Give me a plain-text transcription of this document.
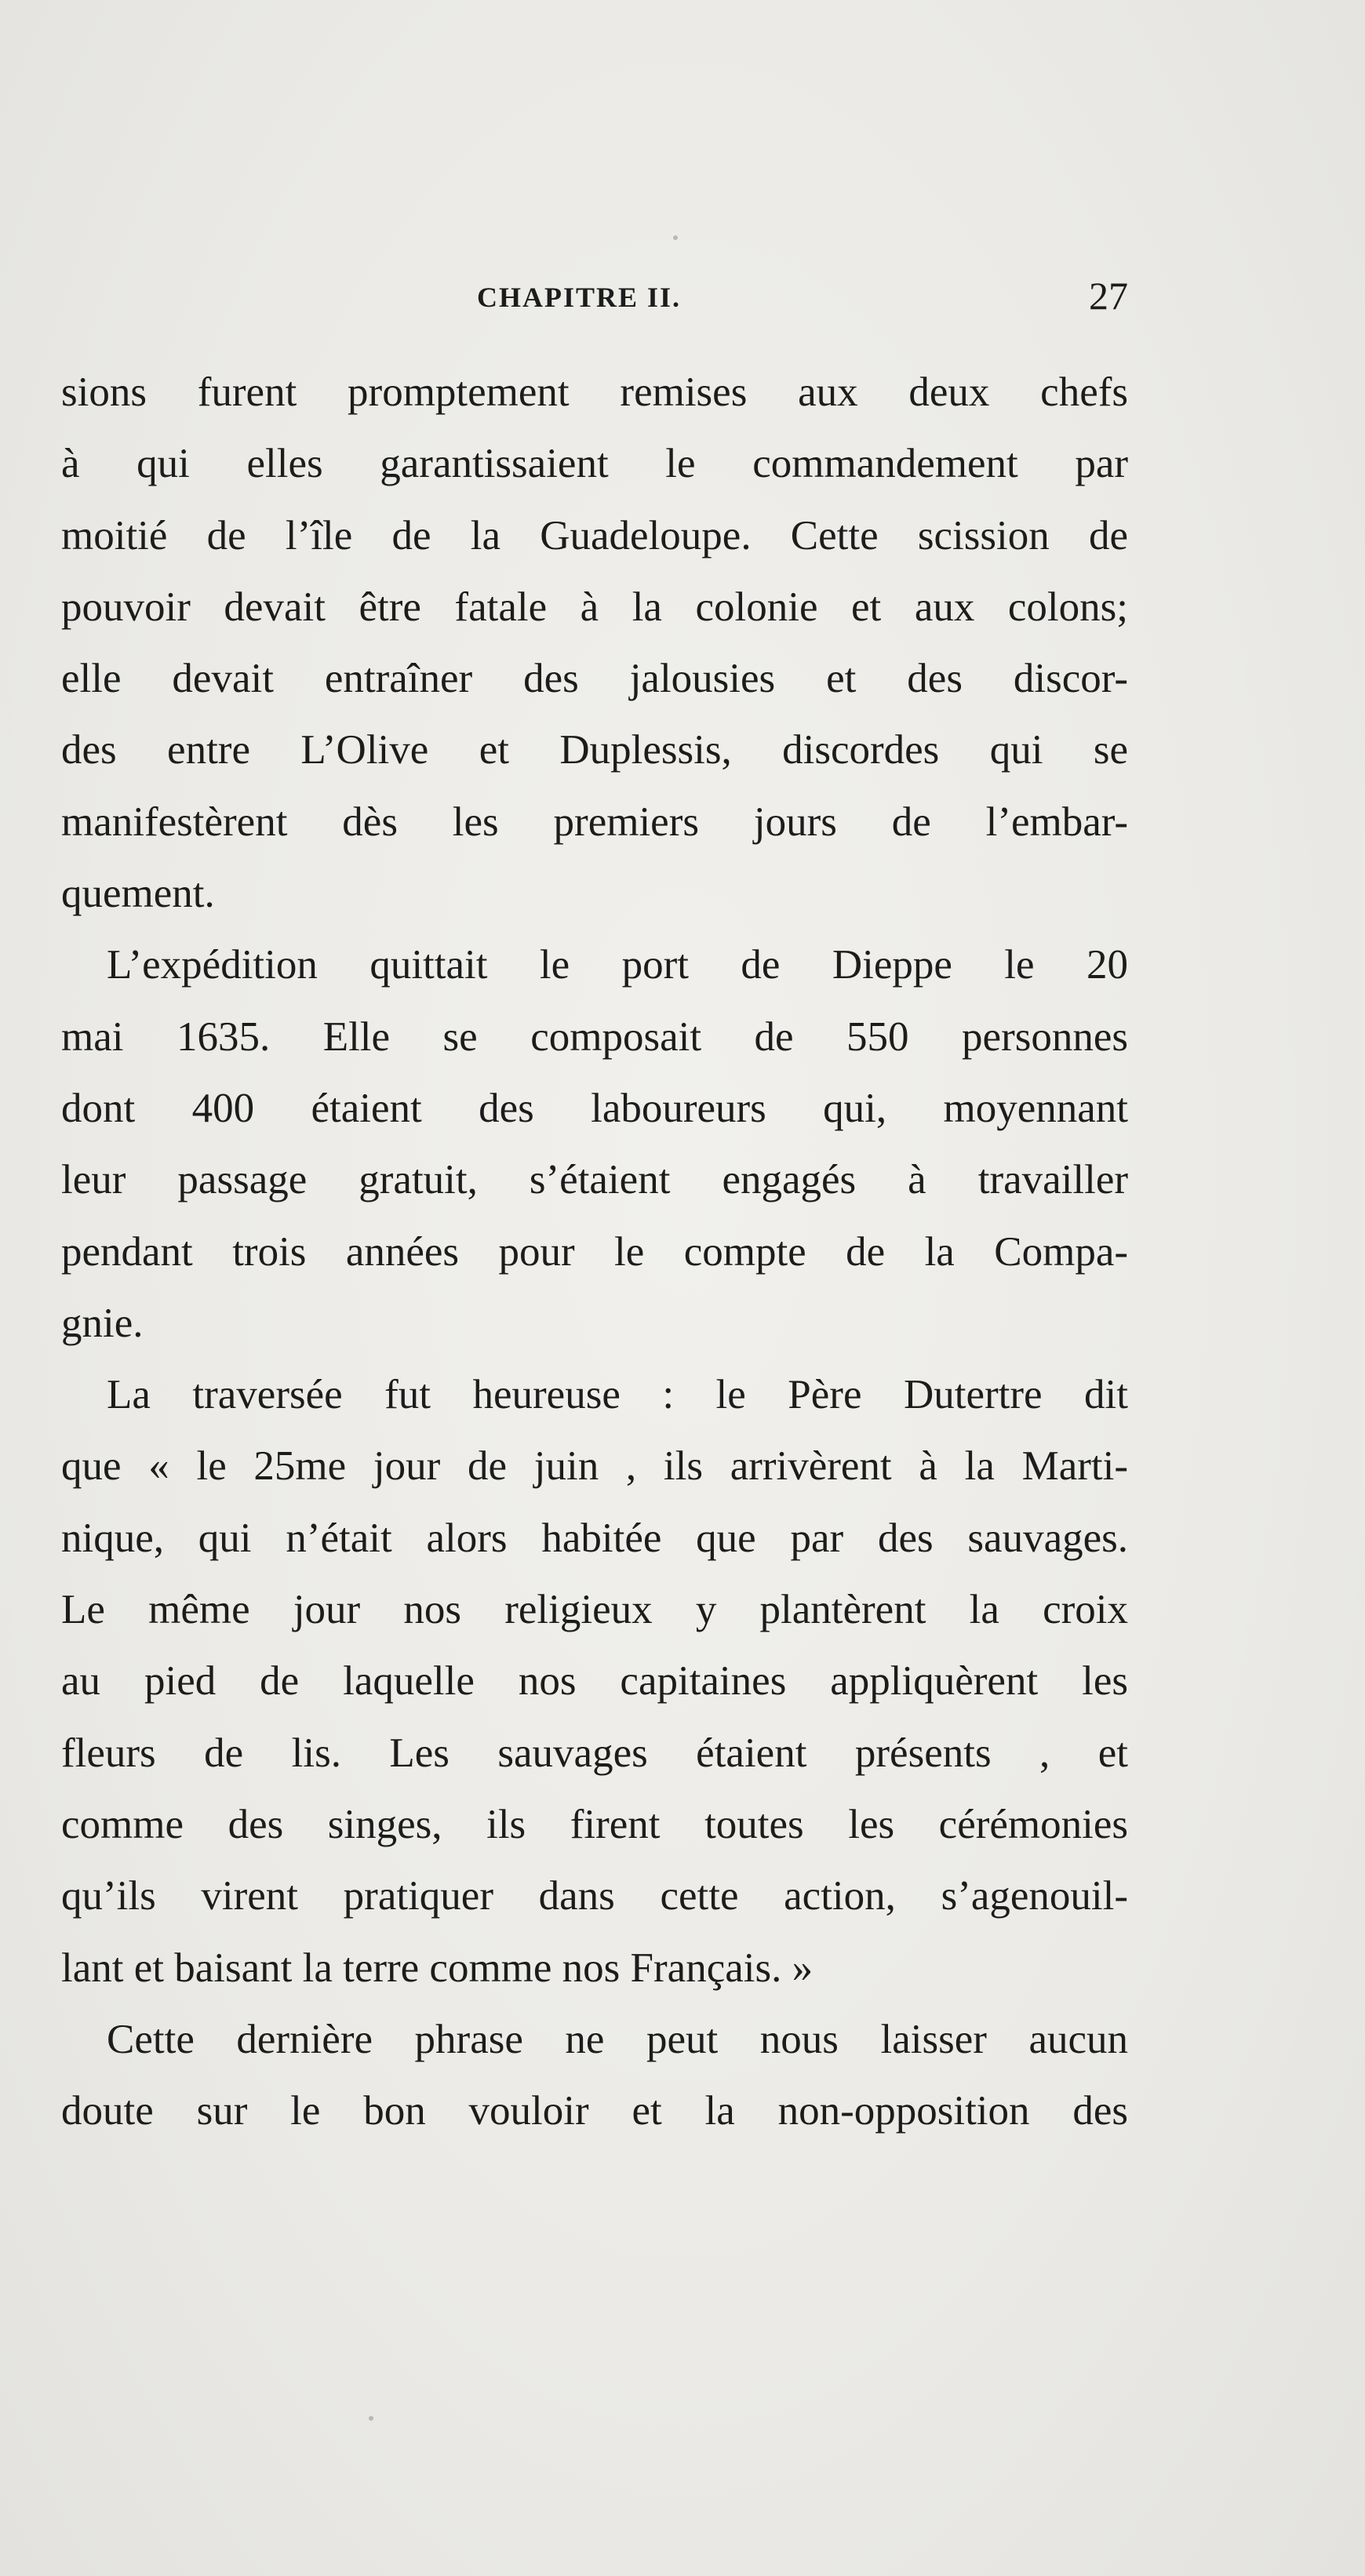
CHAPITRE II.	27
sions furent promptement remises aux deux chefs
à qui elles garantissaient le commandement par
moitié de l’île de la Guadeloupe. Cette scission de
pouvoir devait être fatale à la colonie et aux colons;
elle devait entraîner des jalousies et des discor-
des entre L’Olive et Duplessis, discordes qui se
manifestèrent dès les premiers jours de l’embar-
quement.
L’expédition quittait le port de Dieppe le 20
mai 1635. Elle se composait de 550 personnes
dont 400 étaient des laboureurs qui, moyennant
leur passage gratuit, s’étaient engagés à travailler
pendant trois années pour le compte de la Compa-
gnie.
La traversée fut heureuse : le Père Dutertre dit
que « le 25me jour de juin , ils arrivèrent à la Marti-
nique, qui n’était alors habitée que par des sauvages.
Le même jour nos religieux y plantèrent la croix
au pied de laquelle nos capitaines appliquèrent les
fleurs de lis. Les sauvages étaient présents , et
comme des singes, ils firent toutes les cérémonies
qu’ils virent pratiquer dans cette action, s’agenouil-
lant et baisant la terre comme nos Français. »
Cette dernière phrase ne peut nous laisser aucun
doute sur le bon vouloir et la non-opposition des
